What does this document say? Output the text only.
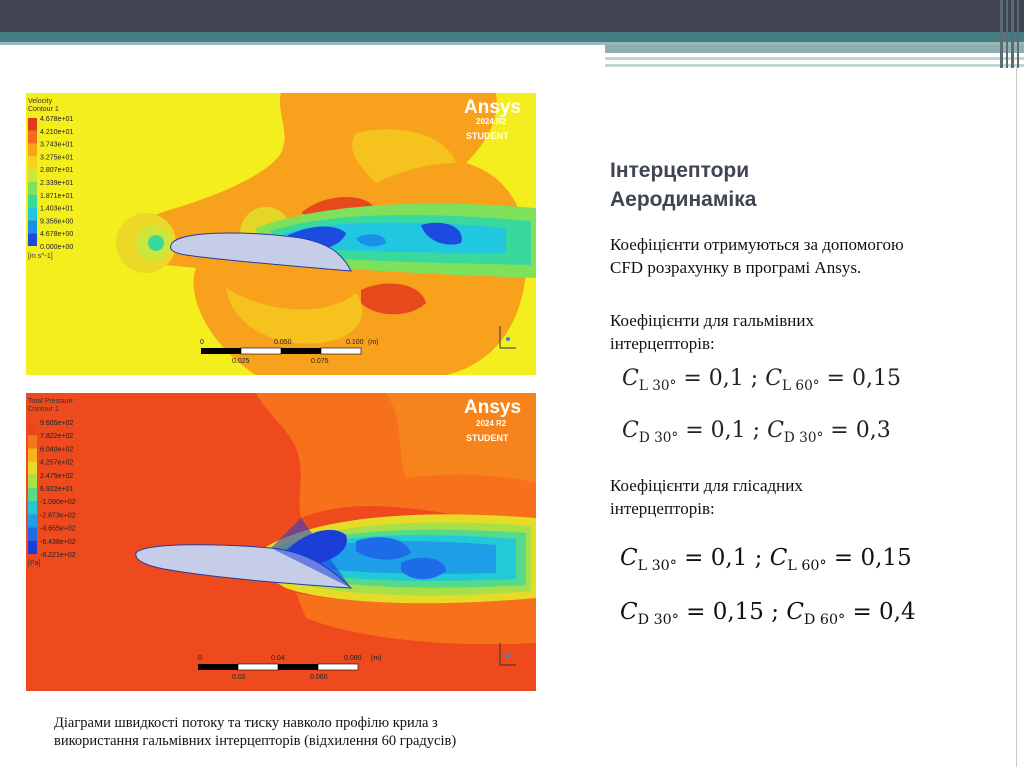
Інтерцептори
Аеродинаміка
Коефіцієнти отримуються за допомогою CFD розрахунку в програмі Ansys.
Коефіцієнти для гальмівних інтерцепторів:
Коефіцієнти для глісадних інтерцепторів:
$C_{L 30^\circ} = 0,1$ ; $C_{L 60^\circ} = 0,15$
$C_{D 30^\circ} = 0,1$ ; $C_{D 30^\circ} = 0,3$
$C_{L 30^\circ} = 0,1$ ; $C_{L 60^\circ} = 0,15$
$C_{D 30^\circ} = 0,15$ ; $C_{D 60^\circ} = 0,4$
Velocity
Contour 1
4.678e+01
4.210e+01
3.743e+01
3.275e+01
2.807e+01
2.339e+01
1.871e+01
1.403e+01
9.356e+00
4.678e+00
0.000e+00
[m s^-1]
Ansys
2024 R2
STUDENT
0	0.050	0.100 (m)
0.025	0.075
Total Pressure
Contour 1
9.605e+02
7.822e+02
6.040e+02
4.257e+02
2.475e+02
6.922e+01
-1.090e+02
-2.873e+02
-4.655e+02
-6.438e+02
-8.221e+02
[Pa]
Ansys
2024 R2
STUDENT
0	0.04	0.080 (m)
0.02	0.060
Діаграми швидкості потоку та тиску навколо профілю крила з використання гальмівних інтерцепторів (відхилення 60 градусів)
